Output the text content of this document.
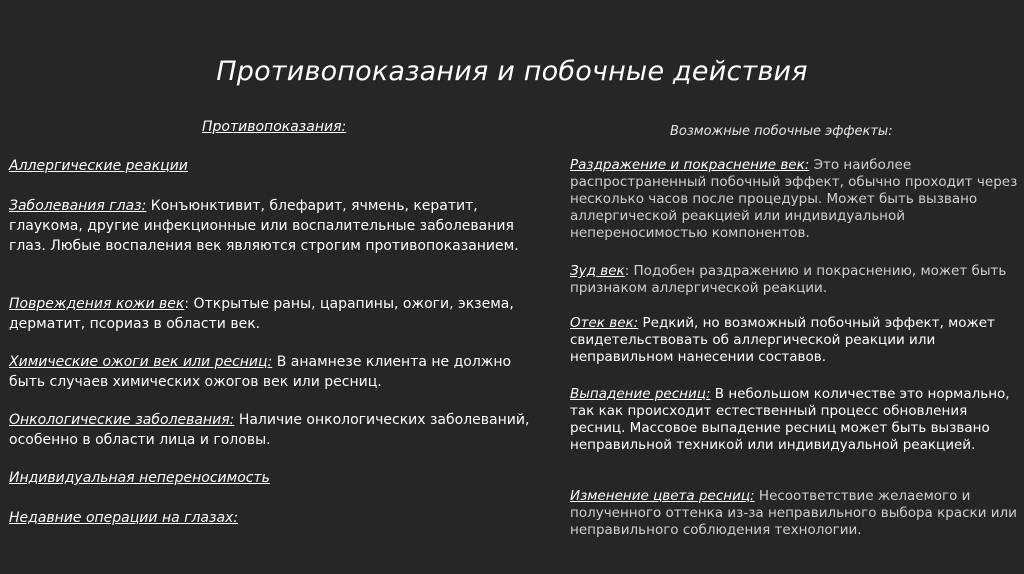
Противопоказания и побочные действия
Противопоказания:	Возможные побочные эффекты:
Аллергические реакции
Заболевания глаз: Конъюнктивит, блефарит, ячмень, кератит, глаукома, другие инфекционные или воспалительные заболевания глаз. Любые воспаления век являются строгим противопоказанием.
Повреждения кожи век: Открытые раны, царапины, ожоги, экзема, дерматит, псориаз в области век.
Химические ожоги век или ресниц: В анамнезе клиента не должно быть случаев химических ожогов век или ресниц.
Онкологические заболевания: Наличие онкологических заболеваний, особенно в области лица и головы.
Индивидуальная непереносимость
Недавние операции на глазах:
Раздражение и покраснение век: Это наиболее распространенный побочный эффект, обычно проходит через несколько часов после процедуры. Может быть вызвано аллергической реакцией или индивидуальной непереносимостью компонентов.
Зуд век: Подобен раздражению и покраснению, может быть признаком аллергической реакции.
Отек век: Редкий, но возможный побочный эффект, может свидетельствовать об аллергической реакции или неправильном нанесении составов.
Выпадение ресниц: В небольшом количестве это нормально, так как происходит естественный процесс обновления ресниц. Массовое выпадение ресниц может быть вызвано неправильной техникой или индивидуальной реакцией.
Изменение цвета ресниц: Несоответствие желаемого и полученного оттенка из-за неправильного выбора краски или неправильного соблюдения технологии.
